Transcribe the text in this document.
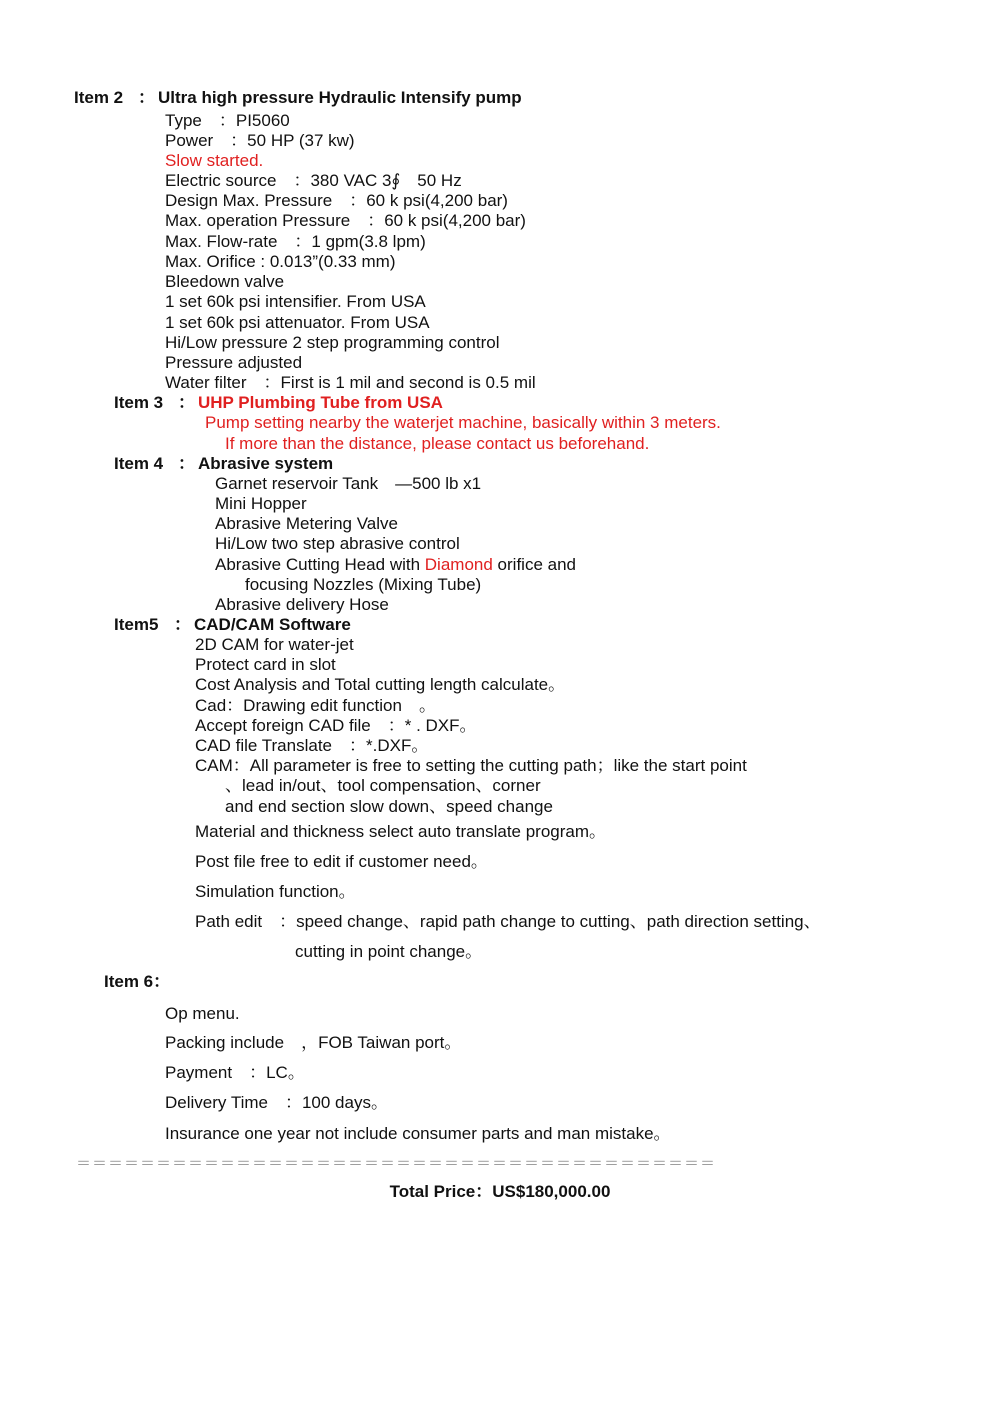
Item 2 ： Ultra high pressure Hydraulic Intensify pump
Type　：PI5060
Power　：50 HP (37 kw)
Slow started.
Electric source　：380 VAC 3∮　50 Hz
Design Max. Pressure　：60 k psi(4,200 bar)
Max. operation Pressure　：60 k psi(4,200 bar)
Max. Flow-rate　：1 gpm(3.8 lpm)
Max. Orifice : 0.013”(0.33 mm)
Bleedown valve
1 set 60k psi intensifier. From USA
1 set 60k psi attenuator. From USA
Hi/Low pressure 2 step programming control
Pressure adjusted
Water filter　：First is 1 mil and second is 0.5 mil
Item 3 ： UHP Plumbing Tube from USA
Pump setting nearby the waterjet machine, basically within 3 meters.
If more than the distance, please contact us beforehand.
Item 4 ： Abrasive system
Garnet reservoir Tank　—500 lb x1
Mini Hopper
Abrasive Metering Valve
Hi/Low two step abrasive control
Abrasive Cutting Head with Diamond orifice and
focusing Nozzles (Mixing Tube)
Abrasive delivery Hose
Item5 ： CAD/CAM Software
2D CAM for water-jet
Protect card in slot
Cost Analysis and Total cutting length calculate。
Cad：Drawing edit function　。
Accept foreign CAD file　：* . DXF。
CAD file Translate　：*.DXF。
CAM：All parameter is free to setting the cutting path；like the start point
、lead in/out、tool compensation、corner
and end section slow down、speed change
Material and thickness select auto translate program。
Post file free to edit if customer need。
Simulation function。
Path edit　：speed change、rapid path change to cutting、path direction setting、
cutting in point change。
Item 6：
Op menu.
Packing include　，FOB Taiwan port。
Payment　：LC。
Delivery Time　：100 days。
Insurance one year not include consumer parts and man mistake。
＝＝＝＝＝＝＝＝＝＝＝＝＝＝＝＝＝＝＝＝＝＝＝＝＝＝＝＝＝＝＝＝＝＝＝＝＝＝＝＝
Total Price：US$180,000.00
